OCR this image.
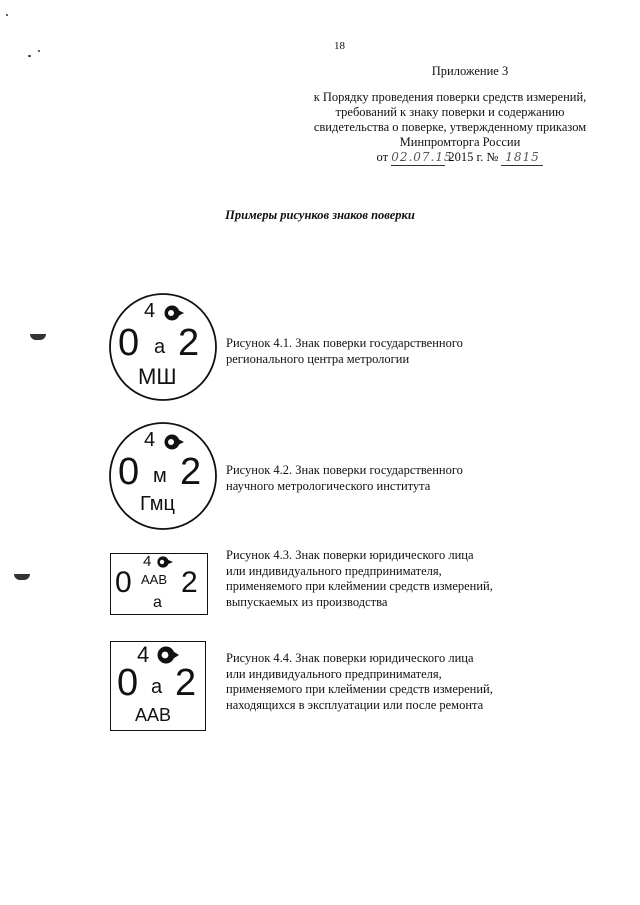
18
Приложение 3
к Порядку проведения поверки средств измерений,
требований к знаку поверки и содержанию
свидетельства о поверке, утвержденному приказом
Минпромторга России
от 02.07.15 2015 г. № 1815
Примеры рисунков знаков поверки
4
0 а 2
МШ
Рисунок 4.1. Знак поверки государственного регионального центра метрологии
4
0 м 2
Гмц
Рисунок 4.2. Знак поверки государственного научного метрологического института
4
0 ААВ 2
а
Рисунок 4.3. Знак поверки юридического лица или индивидуального предпринимателя, применяемого при клеймении средств измерений, выпускаемых из производства
4
0 а 2
ААВ
Рисунок 4.4. Знак поверки юридического лица или индивидуального предпринимателя, применяемого при клеймении средств измерений, находящихся в эксплуатации или после ремонта
